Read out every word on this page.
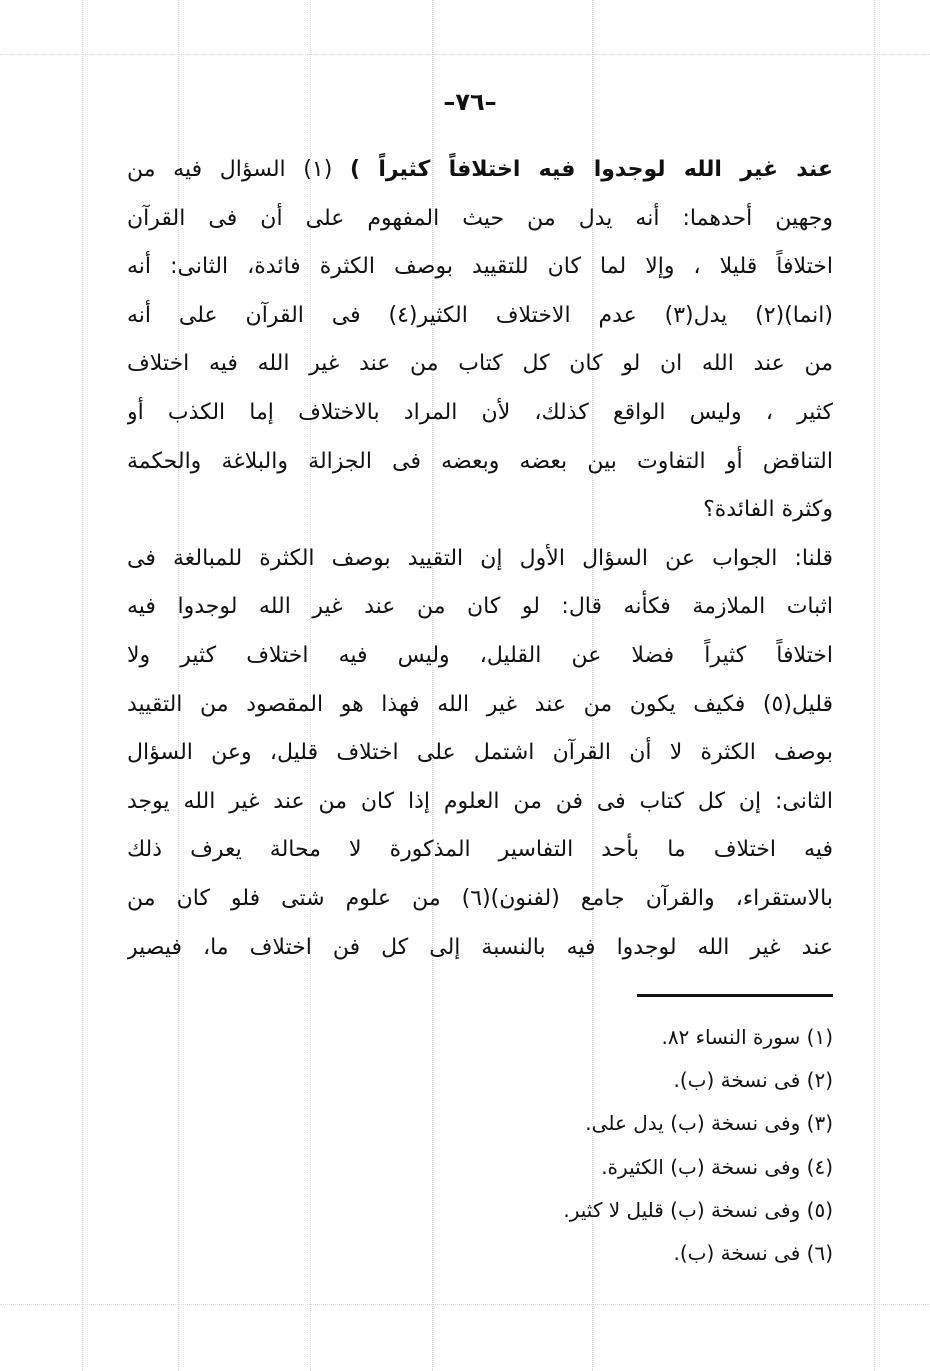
–٧٦–
عند غير الله لوجدوا فيه اختلافاً كثيراً ) (١) السؤال فيه من
وجهين أحدهما: أنه يدل من حيث المفهوم على أن فى القرآن
اختلافاً قليلا ، وإلا لما كان للتقييد بوصف الكثرة فائدة، الثانى: أنه
(انما)(٢) يدل(٣) عدم الاختلاف الكثير(٤) فى القرآن على أنه
من عند الله ان لو كان كل كتاب من عند غير الله فيه اختلاف
كثير ، وليس الواقع كذلك، لأن المراد بالاختلاف إما الكذب أو
التناقض أو التفاوت بين بعضه وبعضه فى الجزالة والبلاغة والحكمة
وكثرة الفائدة؟
قلنا: الجواب عن السؤال الأول إن التقييد بوصف الكثرة للمبالغة فى
اثبات الملازمة فكأنه قال: لو كان من عند غير الله لوجدوا فيه
اختلافاً كثيراً فضلا عن القليل، وليس فيه اختلاف كثير ولا
قليل(٥) فكيف يكون من عند غير الله فهذا هو المقصود من التقييد
بوصف الكثرة لا أن القرآن اشتمل على اختلاف قليل، وعن السؤال
الثانى: إن كل كتاب فى فن من العلوم إذا كان من عند غير الله يوجد
فيه اختلاف ما بأحد التفاسير المذكورة لا محالة يعرف ذلك
بالاستقراء، والقرآن جامع (لفنون)(٦) من علوم شتى فلو كان من
عند غير الله لوجدوا فيه بالنسبة إلى كل فن اختلاف ما، فيصير
(١) سورة النساء ٨٢.
(٢) فى نسخة (ب).
(٣) وفى نسخة (ب) يدل على.
(٤) وفى نسخة (ب) الكثيرة.
(٥) وفى نسخة (ب) قليل لا كثير.
(٦) فى نسخة (ب).
